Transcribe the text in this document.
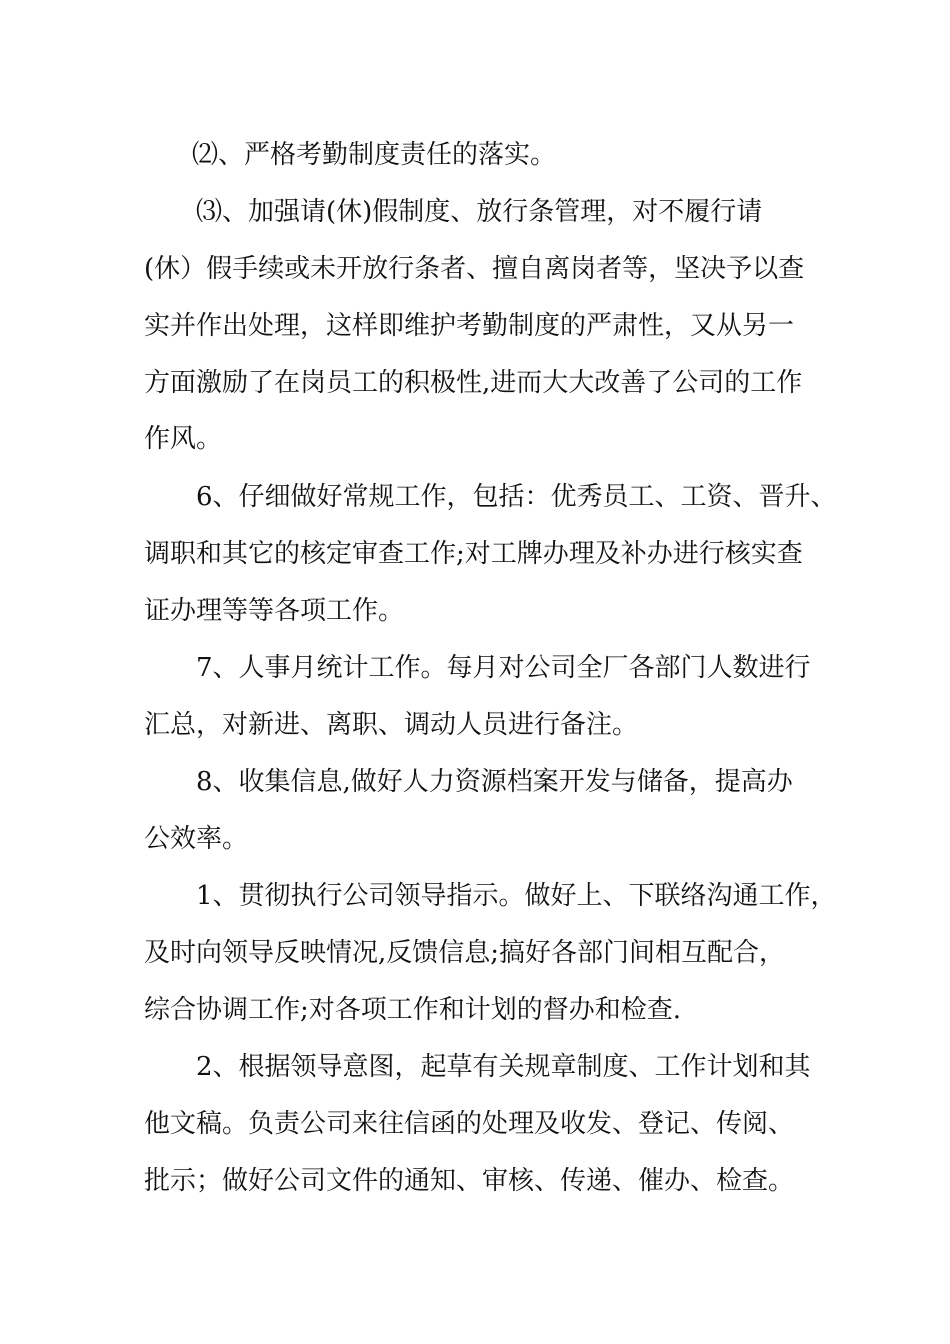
⑵、严格考勤制度责任的落实。
⑶、加强请(休)假制度、放行条管理，对不履行请
(休）假手续或未开放行条者、擅自离岗者等，坚决予以查
实并作出处理，这样即维护考勤制度的严肃性，又从另一
方面激励了在岗员工的积极性,进而大大改善了公司的工作
作风。
6、仔细做好常规工作，包括：优秀员工、工资、晋升、
调职和其它的核定审查工作;对工牌办理及补办进行核实查
证办理等等各项工作。
7、人事月统计工作。每月对公司全厂各部门人数进行
汇总，对新进、离职、调动人员进行备注。
8、收集信息,做好人力资源档案开发与储备，提高办
公效率。
1、贯彻执行公司领导指示。做好上、下联络沟通工作，
及时向领导反映情况,反馈信息;搞好各部门间相互配合，
综合协调工作;对各项工作和计划的督办和检查.
2、根据领导意图，起草有关规章制度、工作计划和其
他文稿。负责公司来往信函的处理及收发、登记、传阅、
批示；做好公司文件的通知、审核、传递、催办、检查。
